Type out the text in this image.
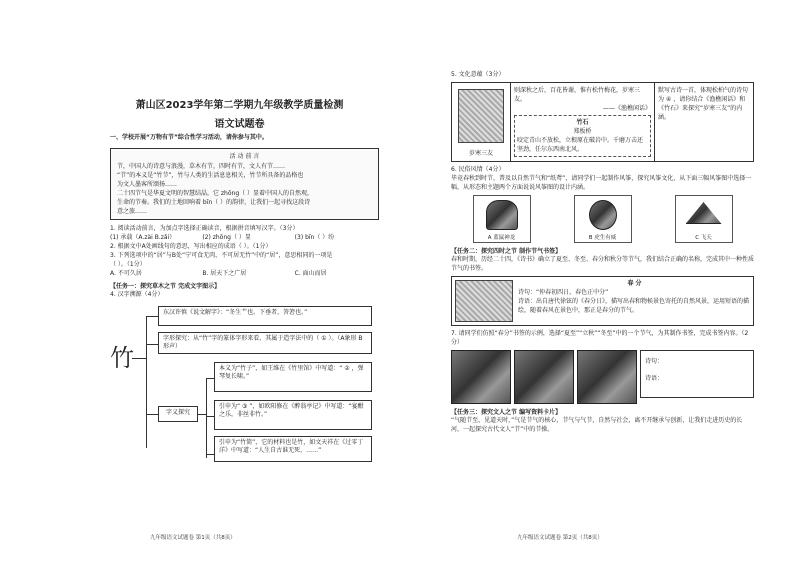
萧山区2023学年第二学期九年级教学质量检测
语文试题卷
一、学校开展“万物有节”综合性学习活动，请你参与其中。
活 动 前 言
节，中国人的诗意与浪漫，草木有节，四时有节，文人有节……
“节”的本义是“竹节”，竹与人类的生活息息相关，竹节所具备的品格也
为文人墨客所颂扬……
二十四节气是华夏文明的智慧结晶，它 zhōng（ ）显着中国人的自然观，
生命的节奏。我们的土地回响着 bīn（ ）的韵律，让我们一起寻找这段诗
意之旅……
1. 阅读活动前言，为加点字选择正确读音，根据拼音填写汉字。（3分）
(1) 承载（A.zài B.zǎi）	(2) zhōng（ ）显	(3) bīn（ ）纷
2. 根据文中A处画线句的意思，写出相应的成语（ ）。（1分）
3. 下列选项中的“居”与B处“宁可食无肉，不可居无竹”中的“居”，意思相同的一项是
（ ）。（1分）
A. 不可久居	B. 居天下之广居	C. 面山而居
【任务一：探究草木之节 完成文字图示】
4. 汉字溯源（4分）
竹
东汉许慎《说文解字》：“冬生艹也。下垂者，箁箬也。”
字形探究：从“竹”字的篆体字形来看，其属于造字法中的（ ① ）。（A象形 B形声）
字义探究
本义为“竹子”，如王维在《竹里馆》中写道：“ ② ，弹琴复长啸。”
引申为“ ③ ”，如欧阳修在《醉翁亭记》中写道：“宴酣之乐，非丝非竹。”
引申为“竹简”，它的材料也是竹，如文天祥在《过零丁洋》中写道：“人生自古谁无死，……”
九年级语文试题卷 第1页（共8页）
5. 文化意蕴（3分）
岁寒三友
则深秋之后，百花皆谢，惟有松竹梅花，岁寒三友。
——《渔樵闲话》
竹石
郑板桥
咬定青山不放松，立根原在破岩中。千磨万击还坚劲，任尔东西南北风。
默写古诗一首，体现松柏气的诗句为 ④ ，请你结合《渔樵闲话》和《竹石》来探究“岁寒三友”的内涵。
6. 民俗风情（4分）
毕竟春秋到时节，普及以自然节气和“纸鸢”，请同学们一起制作风筝，探究风筝文化，从下面三幅风筝图中选择一幅，从形态和主题两个方面说说风筝图的设计内涵。
A 蓝鼠神龙	B 虎生有威	C 飞天
【任务二：探究四时之节 制作节气书签】
春和时期，历经二十四，《诗书》确立了夏至、冬至、春分和秋分等节气，我们结合正确的名称，完成其中一种性质节气的书签。
春 分
诗句：“仲春初四日，春色正中分”
诗语：出自唐代徐铉的《春分日》，描写出春和物候景色寄托的自然风景，运用短语的描绘，随着春风在景色中，那正是春分的节气。
7. 请同学们仿照“春分”书签的示例，选择“夏至”“立秋”“冬至”中的一个节气，为其制作书签，完成书签内容。（2分）
诗句：
诗语：
【任务三：探究文人之节 编写资料卡片】
“气随节至，见道天时，”气是节气的核心，节气与气节，自然与社会，离不开继承与创新，让我们走进历史的长河，一起探究古代文人“节”中的节操。
九年级语文试题卷 第2页（共8页）
